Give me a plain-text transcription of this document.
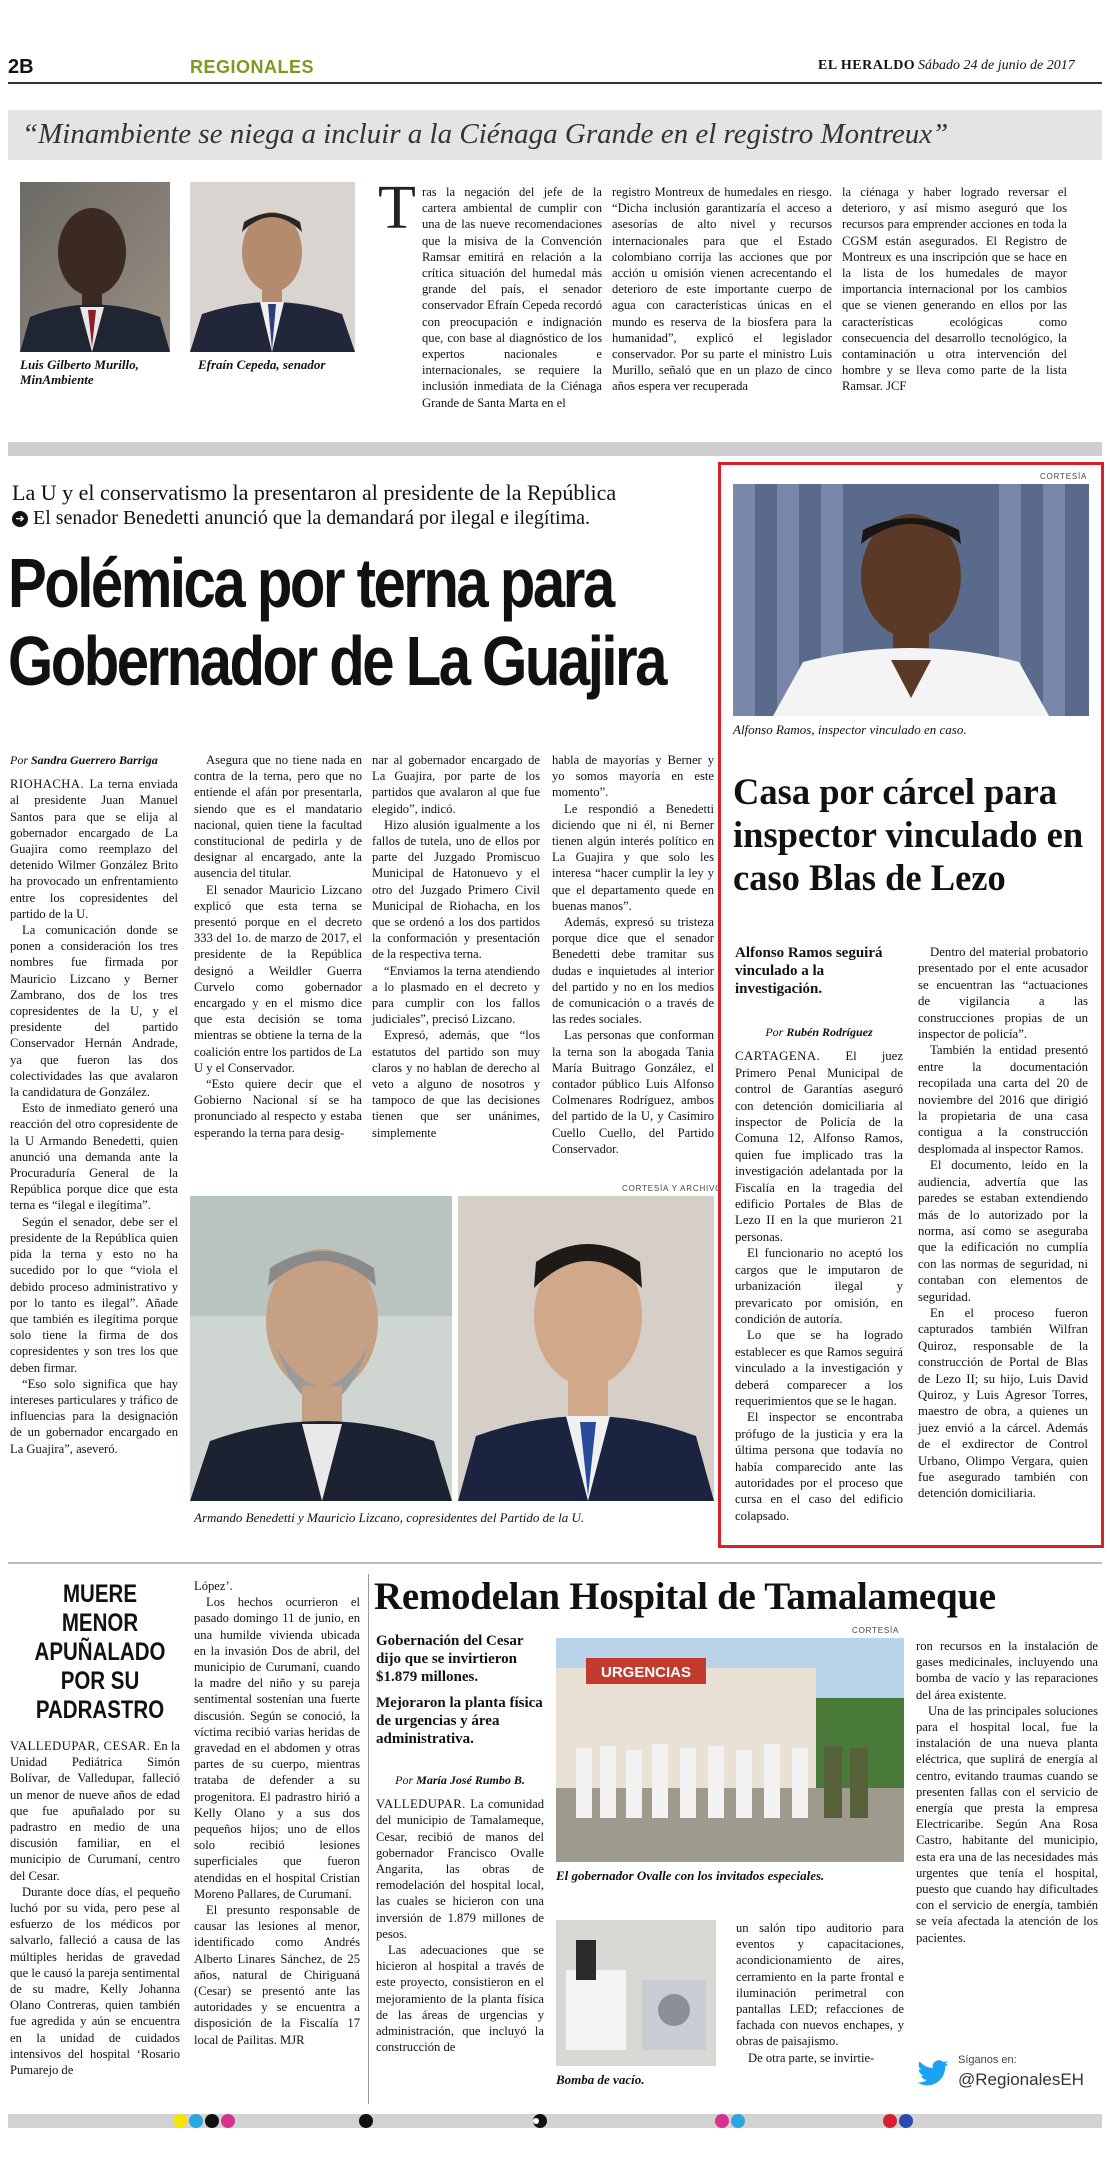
2B	REGIONALES	EL HERALDO Sábado 24 de junio de 2017
“Minambiente se niega a incluir a la Ciénaga Grande en el registro Montreux”
Luis Gilberto Murillo, MinAmbiente
Efraín Cepeda, senador
T ras la negación del jefe de la cartera ambiental de cumplir con una de las nueve recomendaciones que la misiva de la Convención Ramsar emitirá en relación a la crítica situación del humedal más grande del país, el senador conservador Efraín Cepeda recordó con preocupación e indignación que, con base al diagnóstico de los expertos nacionales e internacionales, se requiere la inclusión inmediata de la Ciénaga Grande de Santa Marta en el

registro Montreux de humedales en riesgo. “Dicha inclusión garantizaría el acceso a asesorías de alto nivel y recursos internacionales para que el Estado colombiano corrija las acciones que por acción u omisión vienen acrecentando el deterioro de este importante cuerpo de agua con características únicas en el mundo es reserva de la biosfera para la humanidad”, explicó el legislador conservador. Por su parte el ministro Luis Murillo, señaló que en un plazo de cinco años espera ver recuperada

la ciénaga y haber logrado reversar el deterioro, y así mismo aseguró que los recursos para emprender acciones en toda la CGSM están asegurados. El Registro de Montreux es una inscripción que se hace en la lista de los humedales de mayor importancia internacional por los cambios que se vienen generando en ellos por las características ecológicas como consecuencia del desarrollo tecnológico, la contaminación u otra intervención del hombre y se lleva como parte de la lista Ramsar. JCF

La U y el conservatismo la presentaron al presidente de la República
➜ El senador Benedetti anunció que la demandará por ilegal e ilegítima.
Polémica por terna para
Gobernador de La Guajira
Por Sandra Guerrero Barriga

RIOHACHA. La terna enviada al presidente Juan Manuel Santos para que se elija al gobernador encargado de La Guajira como reemplazo del detenido Wilmer González Brito ha provocado un enfrentamiento entre los copresidentes del partido de la U.

La comunicación donde se ponen a consideración los tres nombres fue firmada por Mauricio Lizcano y Berner Zambrano, dos de los tres copresidentes de la U, y el presidente del partido Conservador Hernán Andrade, ya que fueron las dos colectividades las que avalaron la candidatura de González.

Esto de inmediato generó una reacción del otro copresidente de la U Armando Benedetti, quien anunció una demanda ante la Procuraduría General de la República porque dice que esta terna es “ilegal e ilegítima”.

Según el senador, debe ser el presidente de la República quien pida la terna y esto no ha sucedido por lo que “viola el debido proceso administrativo y por lo tanto es ilegal”. Añade que también es ilegítima porque solo tiene la firma de dos copresidentes y son tres los que deben firmar.

“Eso solo significa que hay intereses particulares y tráfico de influencias para la designación de un gobernador encargado en La Guajira”, aseveró.

Asegura que no tiene nada en contra de la terna, pero que no entiende el afán por presentarla, siendo que es el mandatario nacional, quien tiene la facultad constitucional de pedirla y de designar al encargado, ante la ausencia del titular.

El senador Mauricio Lizcano explicó que esta terna se presentó porque en el decreto 333 del 1o. de marzo de 2017, el presidente de la República designó a Weildler Guerra Curvelo como gobernador encargado y en el mismo dice que esta decisión se toma mientras se obtiene la terna de la coalición entre los partidos de La U y el Conservador.

“Esto quiere decir que el Gobierno Nacional sí se ha pronunciado al respecto y estaba esperando la terna para desig-

nar al gobernador encargado de La Guajira, por parte de los partidos que avalaron al que fue elegido”, indicó.

Hizo alusión igualmente a los fallos de tutela, uno de ellos por parte del Juzgado Promiscuo Municipal de Hatonuevo y el otro del Juzgado Primero Civil Municipal de Riohacha, en los que se ordenó a los dos partidos la conformación y presentación de la respectiva terna.

“Enviamos la terna atendiendo a lo plasmado en el decreto y para cumplir con los fallos judiciales”, precisó Lizcano.

Expresó, además, que “los estatutos del partido son muy claros y no hablan de derecho al veto a alguno de nosotros y tampoco de que las decisiones tienen que ser unánimes, simplemente

habla de mayorías y Berner y yo somos mayoría en este momento”.

Le respondió a Benedetti diciendo que ni él, ni Berner tienen algún interés político en La Guajira y que solo les interesa “hacer cumplir la ley y que el departamento quede en buenas manos”.

Además, expresó su tristeza porque dice que el senador Benedetti debe tramitar sus dudas e inquietudes al interior del partido y no en los medios de comunicación o a través de las redes sociales.

Las personas que conforman la terna son la abogada Tania María Buitrago González, el contador público Luis Alfonso Colmenares Rodríguez, ambos del partido de la U, y Casimiro Cuello Cuello, del Partido Conservador.

CORTESÍA Y ARCHIVO
Armando Benedetti y Mauricio Lizcano, copresidentes del Partido de la U.
CORTESÍA
Alfonso Ramos, inspector vinculado en caso.
Casa por cárcel para inspector vinculado en caso Blas de Lezo
Alfonso Ramos seguirá vinculado a la investigación.
Por Rubén Rodríguez

CARTAGENA. El juez Primero Penal Municipal de control de Garantías aseguró con detención domiciliaria al inspector de Policía de la Comuna 12, Alfonso Ramos, quien fue implicado tras la investigación adelantada por la Fiscalía en la tragedia del edificio Portales de Blas de Lezo II en la que murieron 21 personas.

El funcionario no aceptó los cargos que le imputaron de urbanización ilegal y prevaricato por omisión, en condición de autoría.

Lo que se ha logrado establecer es que Ramos seguirá vinculado a la investigación y deberá comparecer a los requerimientos que se le hagan.

El inspector se encontraba prófugo de la justicia y era la última persona que todavía no había comparecido ante las autoridades por el proceso que cursa en el caso del edificio colapsado.

Dentro del material probatorio presentado por el ente acusador se encuentran las “actuaciones de vigilancia a las construcciones propias de un inspector de policía”.

También la entidad presentó entre la documentación recopilada una carta del 20 de noviembre del 2016 que dirigió la propietaria de una casa contigua a la construcción desplomada al inspector Ramos.

El documento, leído en la audiencia, advertía que las paredes se estaban extendiendo más de lo autorizado por la norma, así como se aseguraba que la edificación no cumplía con las normas de seguridad, ni contaban con elementos de seguridad.

En el proceso fueron capturados también Wilfran Quiroz, responsable de la construcción de Portal de Blas de Lezo II; su hijo, Luis David Quiroz, y Luis Agresor Torres, maestro de obra, a quienes un juez envió a la cárcel. Además de el exdirector de Control Urbano, Olimpo Vergara, quien fue asegurado también con detención domiciliaria.

MUERE MENOR APUÑALADO POR SU PADRASTRO

VALLEDUPAR, CESAR. En la Unidad Pediátrica Simón Bolívar, de Valledupar, falleció un menor de nueve años de edad que fue apuñalado por su padrastro en medio de una discusión familiar, en el municipio de Curumaní, centro del Cesar.

Durante doce días, el pequeño luchó por su vida, pero pese al esfuerzo de los médicos por salvarlo, falleció a causa de las múltiples heridas de gravedad que le causó la pareja sentimental de su madre, Kelly Johanna Olano Contreras, quien también fue agredida y aún se encuentra en la unidad de cuidados intensivos del hospital ‘Rosario Pumarejo de

López’.

Los hechos ocurrieron el pasado domingo 11 de junio, en una humilde vivienda ubicada en la invasión Dos de abril, del municipio de Curumaní, cuando la madre del niño y su pareja sentimental sostenían una fuerte discusión. Según se conoció, la víctima recibió varias heridas de gravedad en el abdomen y otras partes de su cuerpo, mientras trataba de defender a su progenitora. El padrastro hirió a Kelly Olano y a sus dos pequeños hijos; uno de ellos solo recibió lesiones superficiales que fueron atendidas en el hospital Cristian Moreno Pallares, de Curumaní.

El presunto responsable de causar las lesiones al menor, identificado como Andrés Alberto Linares Sánchez, de 25 años, natural de Chiriguaná (Cesar) se presentó ante las autoridades y se encuentra a disposición de la Fiscalía 17 local de Pailitas. MJR

Remodelan Hospital de Tamalameque
Gobernación del Cesar dijo que se invirtieron $1.879 millones.
Mejoraron la planta física de urgencias y área administrativa.
Por María José Rumbo B.

VALLEDUPAR. La comunidad del municipio de Tamalameque, Cesar, recibió de manos del gobernador Francisco Ovalle Angarita, las obras de remodelación del hospital local, las cuales se hicieron con una inversión de 1.879 millones de pesos.

Las adecuaciones que se hicieron al hospital a través de este proyecto, consistieron en el mejoramiento de la planta física de las áreas de urgencias y administración, que incluyó la construcción de

CORTESÍA
URGENCIAS
El gobernador Ovalle con los invitados especiales.
Bomba de vacío.

un salón tipo auditorio para eventos y capacitaciones, acondicionamiento de aires, cerramiento en la parte frontal e iluminación perimetral con pantallas LED; refacciones de fachada con nuevos enchapes, y obras de paisajismo.

De otra parte, se invirtie-

ron recursos en la instalación de gases medicinales, incluyendo una bomba de vacío y las reparaciones del área existente.

Una de las principales soluciones para el hospital local, fue la instalación de una nueva planta eléctrica, que suplirá de energía al centro, evitando traumas cuando se presenten fallas con el servicio de energía que presta la empresa Electricaribe. Según Ana Rosa Castro, habitante del municipio, esta era una de las necesidades más urgentes que tenía el hospital, puesto que cuando hay dificultades con el servicio de energía, también se veía afectada la atención de los pacientes.

Síganos en:
@RegionalesEH
